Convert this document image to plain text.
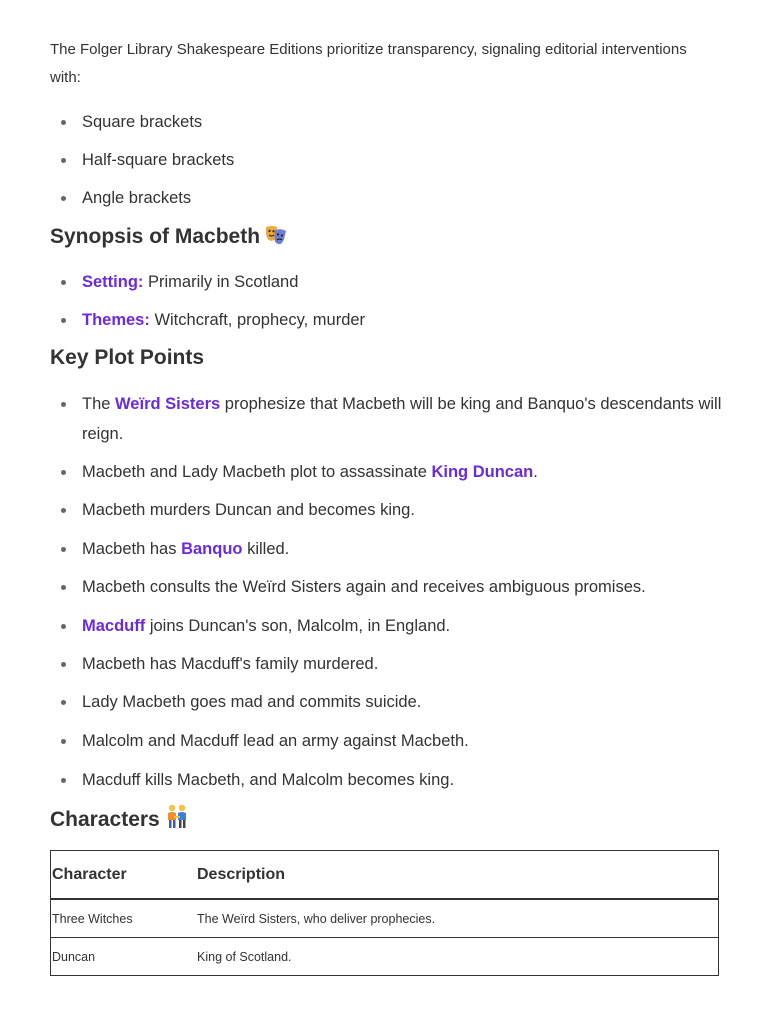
The Folger Library Shakespeare Editions prioritize transparency, signaling editorial interventions with:

Square brackets
Half-square brackets
Angle brackets
Synopsis of Macbeth
Setting: Primarily in Scotland
Themes: Witchcraft, prophecy, murder
Key Plot Points
The Weïrd Sisters prophesize that Macbeth will be king and Banquo's descendants will reign.
Macbeth and Lady Macbeth plot to assassinate King Duncan.
Macbeth murders Duncan and becomes king.
Macbeth has Banquo killed.
Macbeth consults the Weïrd Sisters again and receives ambiguous promises.
Macduff joins Duncan's son, Malcolm, in England.
Macbeth has Macduff's family murdered.
Lady Macbeth goes mad and commits suicide.
Malcolm and Macduff lead an army against Macbeth.
Macduff kills Macbeth, and Malcolm becomes king.
Characters
Character	Description
Three Witches	The Weïrd Sisters, who deliver prophecies.
Duncan	King of Scotland.
